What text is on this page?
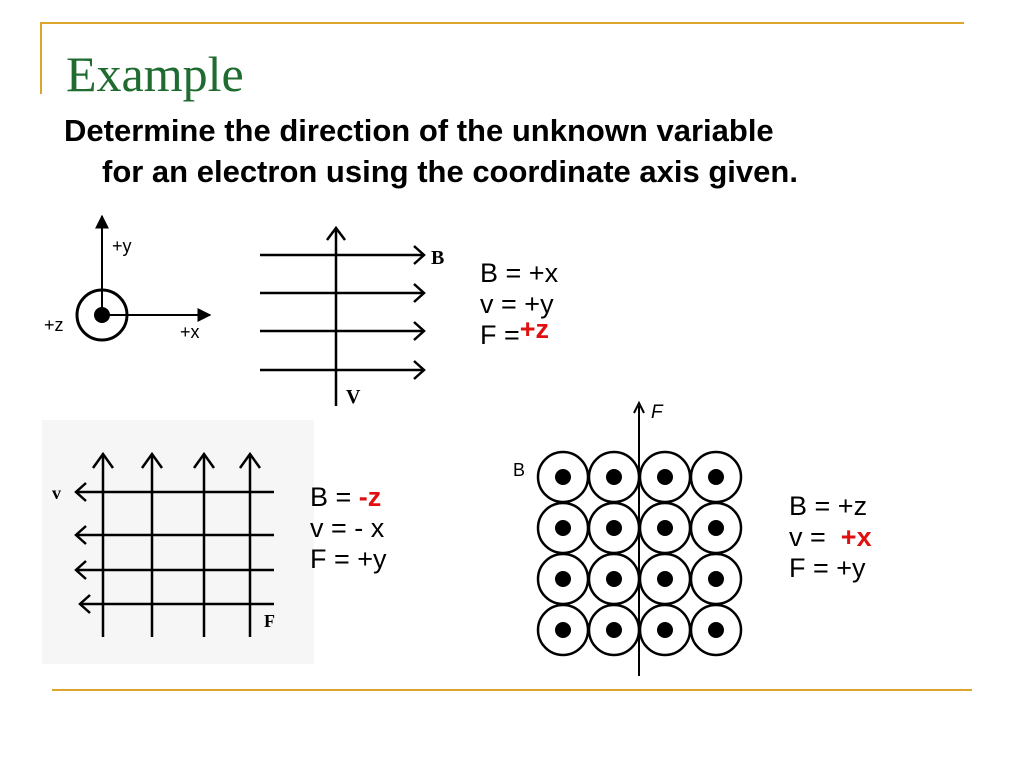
Example

Determine the direction of the unknown variable
for an electron using the coordinate axis given.

+y
+z	+x
B
V
v
F
F
B
B = +x
v = +y
F =+z
B = -z
v = - x
F = +y
B = +z
v = +x
F = +y
